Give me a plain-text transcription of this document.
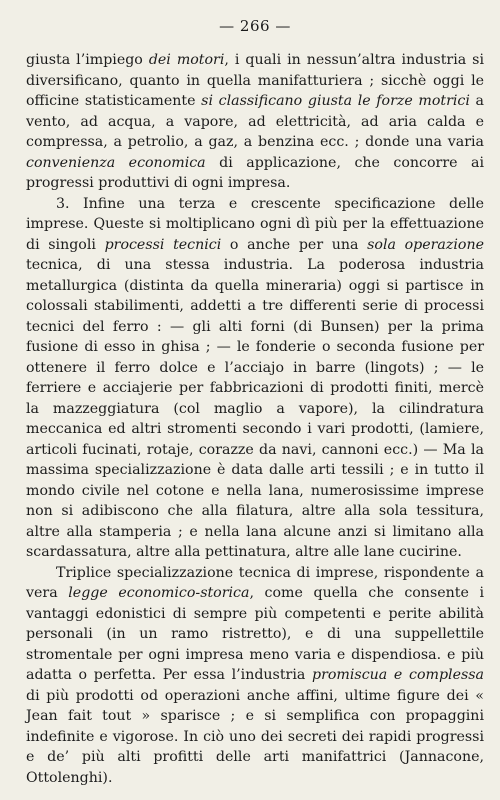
— 266 —

giusta l’impiego dei motori, i quali in nessun’altra industria si diversificano, quanto in quella manifatturiera ; sicchè oggi le officine statisticamente si classificano giusta le forze motrici a vento, ad acqua, a vapore, ad elettricità, ad aria calda e compressa, a petrolio, a gaz, a benzina ecc. ; donde una varia convenienza economica di applicazione, che concorre ai progressi produttivi di ogni impresa.

3. Infine una terza e crescente specificazione delle imprese. Queste si moltiplicano ogni dì più per la effettuazione di singoli processi tecnici o anche per una sola operazione tecnica, di una stessa industria. La poderosa industria metallurgica (distinta da quella mineraria) oggi si partisce in colossali stabilimenti, addetti a tre differenti serie di processi tecnici del ferro : — gli alti forni (di Bunsen) per la prima fusione di esso in ghisa ; — le fonderie o seconda fusione per ottenere il ferro dolce e l’acciajo in barre (lingots) ; — le ferriere e acciajerie per fabbricazioni di prodotti finiti, mercè la mazzeggiatura (col maglio a vapore), la cilindratura meccanica ed altri stromenti secondo i vari prodotti, (lamiere, articoli fucinati, rotaje, corazze da navi, cannoni ecc.) — Ma la massima specializzazione è data dalle arti tessili ; e in tutto il mondo civile nel cotone e nella lana, numerosissime imprese non si adibiscono che alla filatura, altre alla sola tessitura, altre alla stamperia ; e nella lana alcune anzi si limitano alla scardassatura, altre alla pettinatura, altre alle lane cucirine.

Triplice specializzazione tecnica di imprese, rispondente a vera legge economico-storica, come quella che consente i vantaggi edonistici di sempre più competenti e perite abilità personali (in un ramo ristretto), e di una suppellettile stromentale per ogni impresa meno varia e dispendiosa. e più adatta o perfetta. Per essa l’industria promiscua e complessa di più prodotti od operazioni anche affini, ultime figure dei « Jean fait tout » sparisce ; e si semplifica con propaggini indefinite e vigorose. In ciò uno dei secreti dei rapidi progressi e de’ più alti profitti delle arti manifattrici (Jannacone, Ottolenghi).
